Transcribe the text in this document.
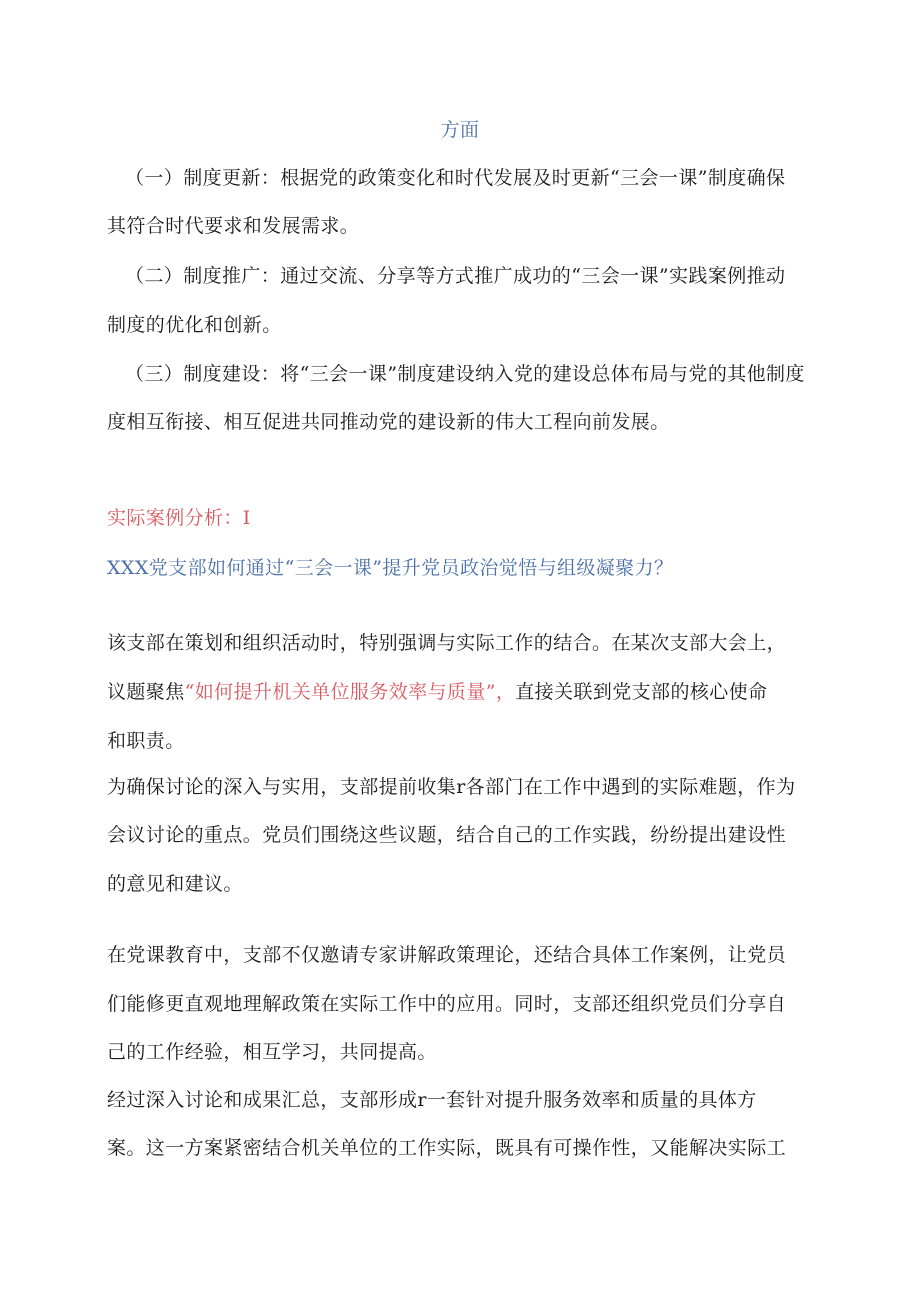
方面
（一）制度更新：根据党的政策变化和时代发展及时更新“三会一课”制度确保
其符合时代要求和发展需求。
（二）制度推广：通过交流、分享等方式推广成功的“三会一课”实践案例推动
制度的优化和创新。
（三）制度建设：将“三会一课”制度建设纳入党的建设总体布局与党的其他制度
度相互衔接、相互促进共同推动党的建设新的伟大工程向前发展。
实际案例分析：I
XXX党支部如何通过“三会一课”提升党员政治觉悟与组级凝聚力？
该支部在策划和组织活动时，特别强调与实际工作的结合。在某次支部大会上，
议题聚焦“如何提升机关单位服务效率与质量”，直接关联到党支部的核心使命
和职责。
为确保讨论的深入与实用，支部提前收集r各部门在工作中遇到的实际难题，作为
会议讨论的重点。党员们围绕这些议题，结合自己的工作实践，纷纷提出建设性
的意见和建议。
在党课教育中，支部不仅邀请专家讲解政策理论，还结合具体工作案例，让党员
们能修更直观地理解政策在实际工作中的应用。同时，支部还组织党员们分享自
己的工作经验，相互学习，共同提高。
经过深入讨论和成果汇总，支部形成r一套针对提升服务效率和质量的具体方
案。这一方案紧密结合机关单位的工作实际，既具有可操作性，又能解决实际工
